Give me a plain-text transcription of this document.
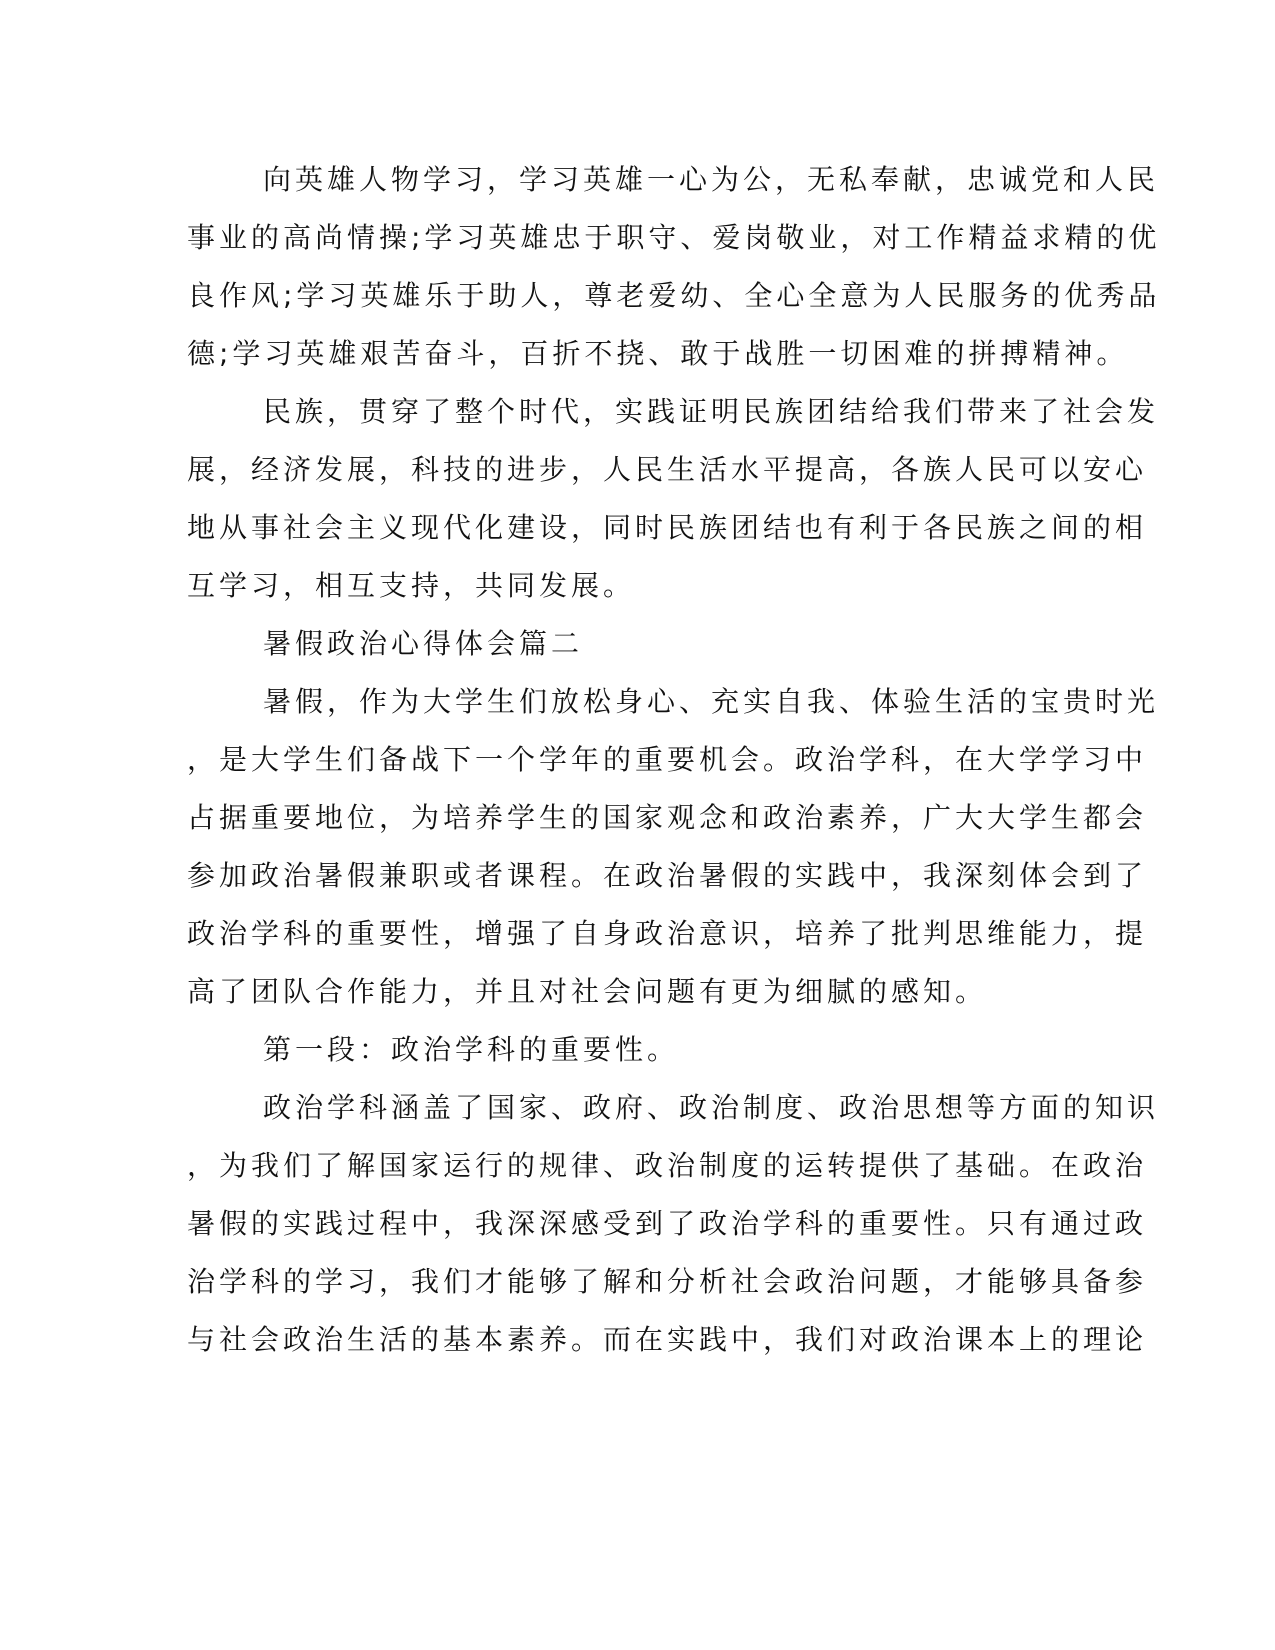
向英雄人物学习，学习英雄一心为公，无私奉献，忠诚党和人民
事业的高尚情操;学习英雄忠于职守、爱岗敬业，对工作精益求精的优
良作风;学习英雄乐于助人，尊老爱幼、全心全意为人民服务的优秀品
德;学习英雄艰苦奋斗，百折不挠、敢于战胜一切困难的拼搏精神。
民族，贯穿了整个时代，实践证明民族团结给我们带来了社会发
展，经济发展，科技的进步，人民生活水平提高，各族人民可以安心
地从事社会主义现代化建设，同时民族团结也有利于各民族之间的相
互学习，相互支持，共同发展。
暑假政治心得体会篇二
暑假，作为大学生们放松身心、充实自我、体验生活的宝贵时光
，是大学生们备战下一个学年的重要机会。政治学科，在大学学习中
占据重要地位，为培养学生的国家观念和政治素养，广大大学生都会
参加政治暑假兼职或者课程。在政治暑假的实践中，我深刻体会到了
政治学科的重要性，增强了自身政治意识，培养了批判思维能力，提
高了团队合作能力，并且对社会问题有更为细腻的感知。
第一段：政治学科的重要性。
政治学科涵盖了国家、政府、政治制度、政治思想等方面的知识
，为我们了解国家运行的规律、政治制度的运转提供了基础。在政治
暑假的实践过程中，我深深感受到了政治学科的重要性。只有通过政
治学科的学习，我们才能够了解和分析社会政治问题，才能够具备参
与社会政治生活的基本素养。而在实践中，我们对政治课本上的理论
